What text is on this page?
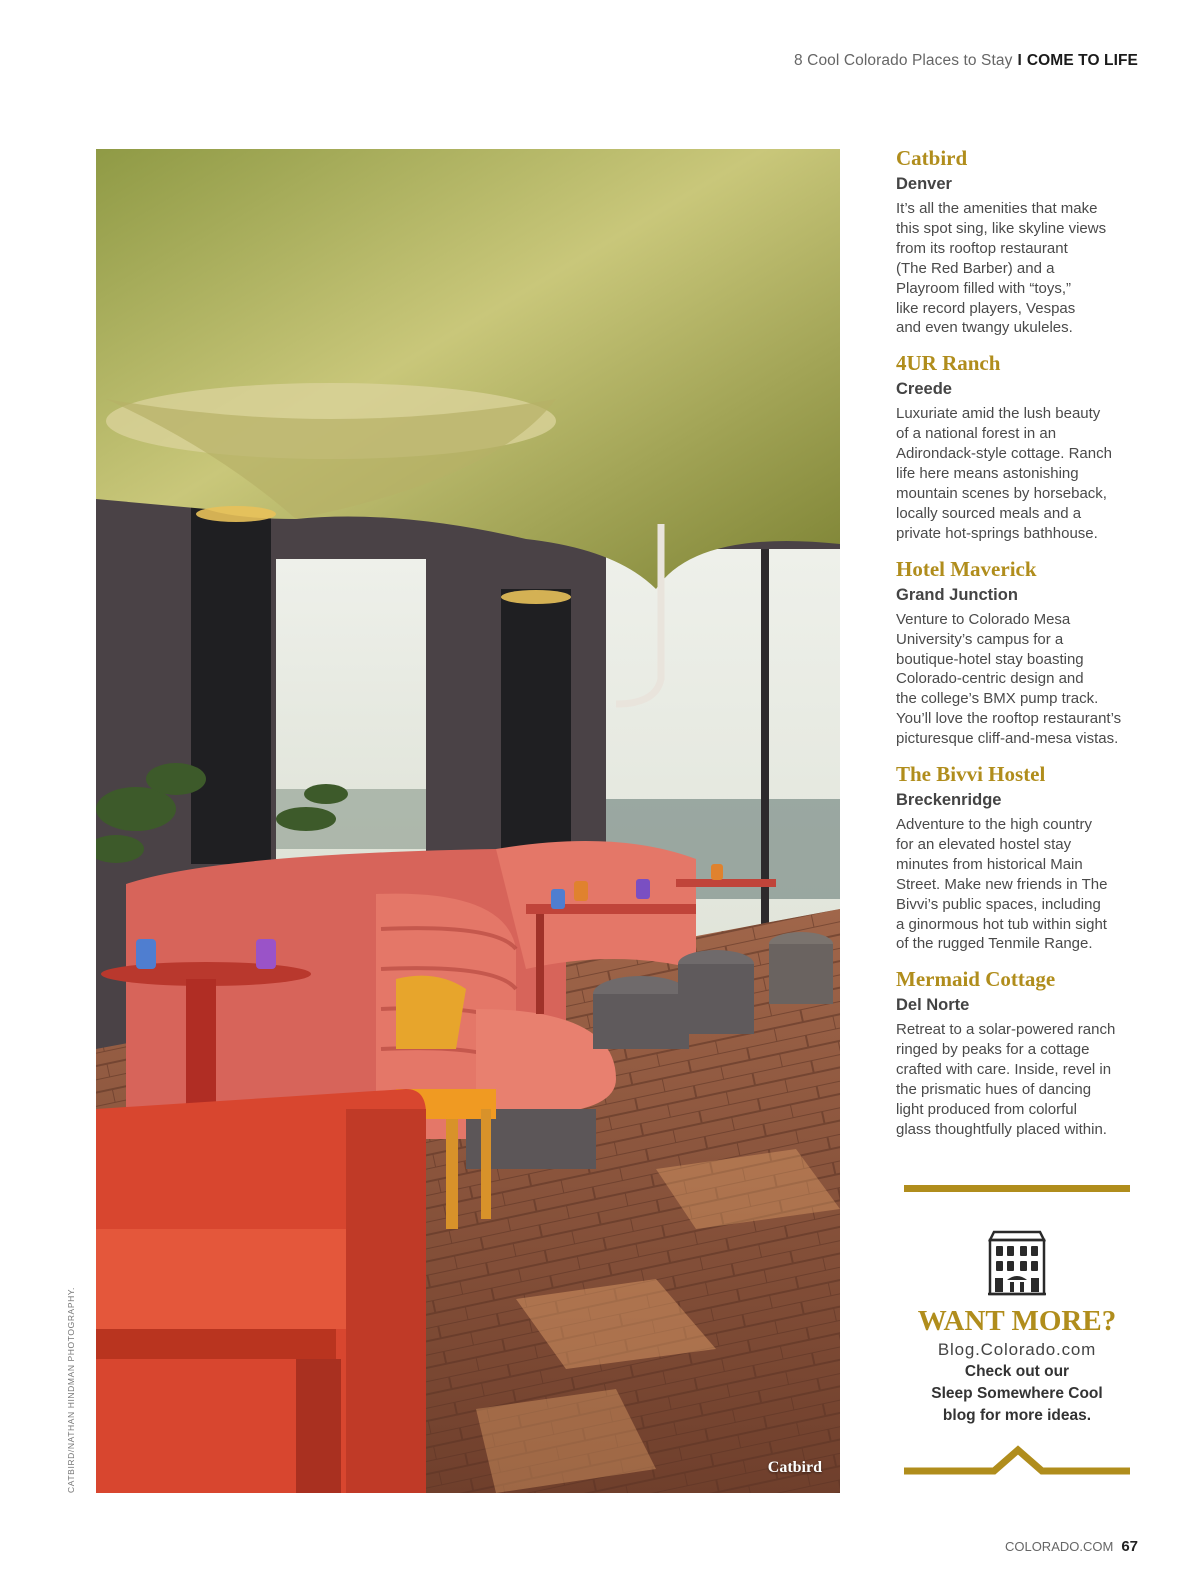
8 Cool Colorado Places to Stay I COME TO LIFE
Catbird
CATBIRD/NATHAN HINDMAN PHOTOGRAPHY.
Catbird
Denver
It’s all the amenities that make
this spot sing, like skyline views
from its rooftop restaurant
(The Red Barber) and a
Playroom filled with “toys,”
like record players, Vespas
and even twangy ukuleles.
4UR Ranch
Creede
Luxuriate amid the lush beauty
of a national forest in an
Adirondack-style cottage. Ranch
life here means astonishing
mountain scenes by horseback,
locally sourced meals and a
private hot-springs bathhouse.
Hotel Maverick
Grand Junction
Venture to Colorado Mesa
University’s campus for a
boutique-hotel stay boasting
Colorado-centric design and
the college’s BMX pump track.
You’ll love the rooftop restaurant’s
picturesque cliff-and-mesa vistas.
The Bivvi Hostel
Breckenridge
Adventure to the high country
for an elevated hostel stay
minutes from historical Main
Street. Make new friends in The
Bivvi’s public spaces, including
a ginormous hot tub within sight
of the rugged Tenmile Range.
Mermaid Cottage
Del Norte
Retreat to a solar-powered ranch
ringed by peaks for a cottage
crafted with care. Inside, revel in
the prismatic hues of dancing
light produced from colorful
glass thoughtfully placed within.
WANT MORE?
Blog.Colorado.com
Check out our
Sleep Somewhere Cool
blog for more ideas.
COLORADO.COM 67
